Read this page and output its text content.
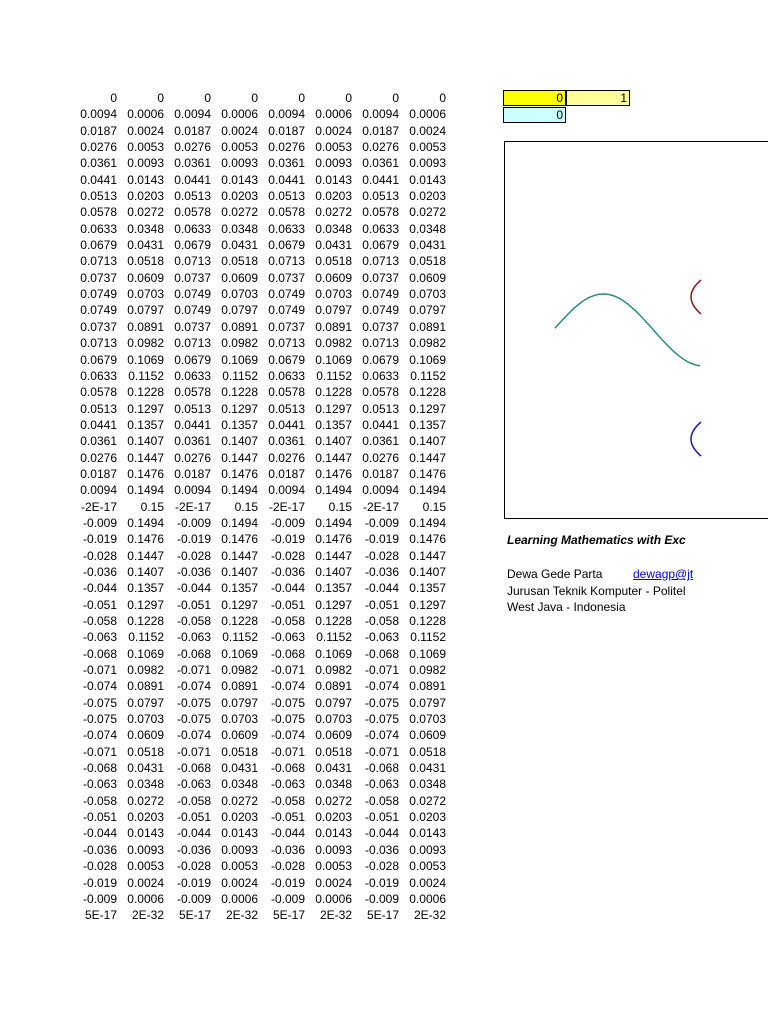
0	0	0	0	0	0	0	0
0.0094 0.0006 0.0094 0.0006 0.0094 0.0006 0.0094 0.0006
0.0187 0.0024 0.0187 0.0024 0.0187 0.0024 0.0187 0.0024
0.0276 0.0053 0.0276 0.0053 0.0276 0.0053 0.0276 0.0053
0.0361 0.0093 0.0361 0.0093 0.0361 0.0093 0.0361 0.0093
0.0441 0.0143 0.0441 0.0143 0.0441 0.0143 0.0441 0.0143
0.0513 0.0203 0.0513 0.0203 0.0513 0.0203 0.0513 0.0203
0.0578 0.0272 0.0578 0.0272 0.0578 0.0272 0.0578 0.0272
0.0633 0.0348 0.0633 0.0348 0.0633 0.0348 0.0633 0.0348
0.0679 0.0431 0.0679 0.0431 0.0679 0.0431 0.0679 0.0431
0.0713 0.0518 0.0713 0.0518 0.0713 0.0518 0.0713 0.0518
0.0737 0.0609 0.0737 0.0609 0.0737 0.0609 0.0737 0.0609
0.0749 0.0703 0.0749 0.0703 0.0749 0.0703 0.0749 0.0703
0.0749 0.0797 0.0749 0.0797 0.0749 0.0797 0.0749 0.0797
0.0737 0.0891 0.0737 0.0891 0.0737 0.0891 0.0737 0.0891
0.0713 0.0982 0.0713 0.0982 0.0713 0.0982 0.0713 0.0982
0.0679 0.1069 0.0679 0.1069 0.0679 0.1069 0.0679 0.1069
0.0633 0.1152 0.0633 0.1152 0.0633 0.1152 0.0633 0.1152
0.0578 0.1228 0.0578 0.1228 0.0578 0.1228 0.0578 0.1228
0.0513 0.1297 0.0513 0.1297 0.0513 0.1297 0.0513 0.1297
0.0441 0.1357 0.0441 0.1357 0.0441 0.1357 0.0441 0.1357
0.0361 0.1407 0.0361 0.1407 0.0361 0.1407 0.0361 0.1407
0.0276 0.1447 0.0276 0.1447 0.0276 0.1447 0.0276 0.1447
0.0187 0.1476 0.0187 0.1476 0.0187 0.1476 0.0187 0.1476
0.0094 0.1494 0.0094 0.1494 0.0094 0.1494 0.0094 0.1494
-2E-17	0.15 -2E-17	0.15 -2E-17	0.15 -2E-17	0.15
-0.009 0.1494	-0.009 0.1494	-0.009 0.1494	-0.009 0.1494
-0.019 0.1476	-0.019 0.1476	-0.019 0.1476	-0.019 0.1476
-0.028 0.1447	-0.028 0.1447	-0.028 0.1447	-0.028 0.1447
-0.036 0.1407	-0.036 0.1407	-0.036 0.1407	-0.036 0.1407
-0.044 0.1357	-0.044 0.1357	-0.044 0.1357	-0.044 0.1357
-0.051 0.1297	-0.051 0.1297	-0.051 0.1297	-0.051 0.1297
-0.058 0.1228	-0.058 0.1228	-0.058 0.1228	-0.058 0.1228
-0.063 0.1152	-0.063 0.1152	-0.063 0.1152	-0.063 0.1152
-0.068 0.1069	-0.068 0.1069	-0.068 0.1069	-0.068 0.1069
-0.071 0.0982	-0.071 0.0982	-0.071 0.0982	-0.071 0.0982
-0.074 0.0891	-0.074 0.0891	-0.074 0.0891	-0.074 0.0891
-0.075 0.0797	-0.075 0.0797	-0.075 0.0797	-0.075 0.0797
-0.075 0.0703	-0.075 0.0703	-0.075 0.0703	-0.075 0.0703
-0.074 0.0609	-0.074 0.0609	-0.074 0.0609	-0.074 0.0609
-0.071 0.0518	-0.071 0.0518	-0.071 0.0518	-0.071 0.0518
-0.068 0.0431	-0.068 0.0431	-0.068 0.0431	-0.068 0.0431
-0.063 0.0348	-0.063 0.0348	-0.063 0.0348	-0.063 0.0348
-0.058 0.0272	-0.058 0.0272	-0.058 0.0272	-0.058 0.0272
-0.051 0.0203	-0.051 0.0203	-0.051 0.0203	-0.051 0.0203
-0.044 0.0143	-0.044 0.0143	-0.044 0.0143	-0.044 0.0143
-0.036 0.0093	-0.036 0.0093	-0.036 0.0093	-0.036 0.0093
-0.028 0.0053	-0.028 0.0053	-0.028 0.0053	-0.028 0.0053
-0.019 0.0024	-0.019 0.0024	-0.019 0.0024	-0.019 0.0024
-0.009 0.0006	-0.009 0.0006	-0.009 0.0006	-0.009 0.0006
5E-17	2E-32	5E-17	2E-32	5E-17	2E-32	5E-17	2E-32
0	1
0
Learning Mathematics with Exc
Dewa Gede Parta	dewagp@jt
Jurusan Teknik Komputer - Politel
West Java - Indonesia
